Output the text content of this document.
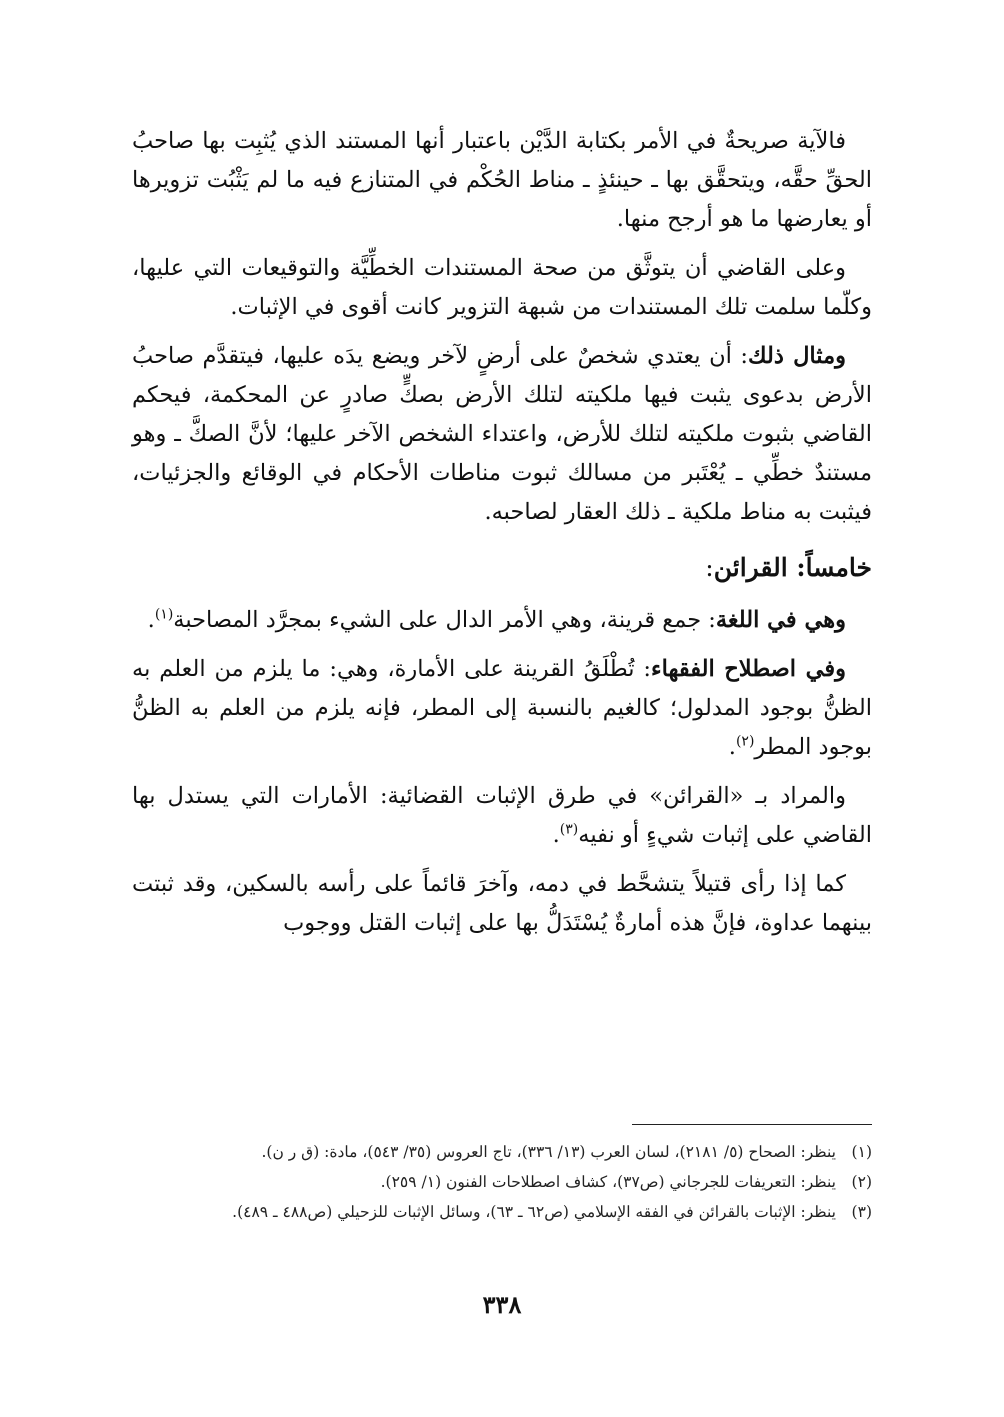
فالآية صريحةٌ في الأمر بكتابة الدَّيْن باعتبار أنها المستند الذي يُثبِت بها صاحبُ الحقِّ حقَّه، ويتحقَّق بها ـ حينئذٍ ـ مناط الحُكْم في المتنازع فيه ما لم يَثْبُت تزويرها أو يعارضها ما هو أرجح منها.

وعلى القاضي أن يتوثَّق من صحة المستندات الخطِّيَّة والتوقيعات التي عليها، وكلّما سلمت تلك المستندات من شبهة التزوير كانت أقوى في الإثبات.

ومثال ذلك: أن يعتدي شخصٌ على أرضٍ لآخر ويضع يدَه عليها، فيتقدَّم صاحبُ الأرض بدعوى يثبت فيها ملكيته لتلك الأرض بصكٍّ صادرٍ عن المحكمة، فيحكم القاضي بثبوت ملكيته لتلك للأرض، واعتداء الشخص الآخر عليها؛ لأنَّ الصكَّ ـ وهو مستندٌ خطِّي ـ يُعْتَبر من مسالك ثبوت مناطات الأحكام في الوقائع والجزئيات، فيثبت به مناط ملكية ـ ذلك العقار لصاحبه.

خامساً: القرائن:

وهي في اللغة: جمع قرينة، وهي الأمر الدال على الشيء بمجرَّد المصاحبة$^{(١)}$.

وفي اصطلاح الفقهاء: تُطْلَقُ القرينة على الأمارة، وهي: ما يلزم من العلم به الظنُّ بوجود المدلول؛ كالغيم بالنسبة إلى المطر، فإنه يلزم من العلم به الظنُّ بوجود المطر$^{(٢)}$.

والمراد بـ «القرائن» في طرق الإثبات القضائية: الأمارات التي يستدل بها القاضي على إثبات شيءٍ أو نفيه$^{(٣)}$.

كما إذا رأى قتيلاً يتشحَّط في دمه، وآخرَ قائماً على رأسه بالسكين، وقد ثبتت بينهما عداوة، فإنَّ هذه أمارةٌ يُسْتَدَلُّ بها على إثبات القتل ووجوب

(١)
ينظر: الصحاح (٥/ ٢١٨١)، لسان العرب (١٣/ ٣٣٦)، تاج العروس (٣٥/ ٥٤٣)، مادة: (ق ر ن).
(٢)
ينظر: التعريفات للجرجاني (ص٣٧)، كشاف اصطلاحات الفنون (١/ ٢٥٩).
(٣)
ينظر: الإثبات بالقرائن في الفقه الإسلامي (ص٦٢ ـ ٦٣)، وسائل الإثبات للزحيلي (ص٤٨٨ ـ ٤٨٩).
٣٣٨
